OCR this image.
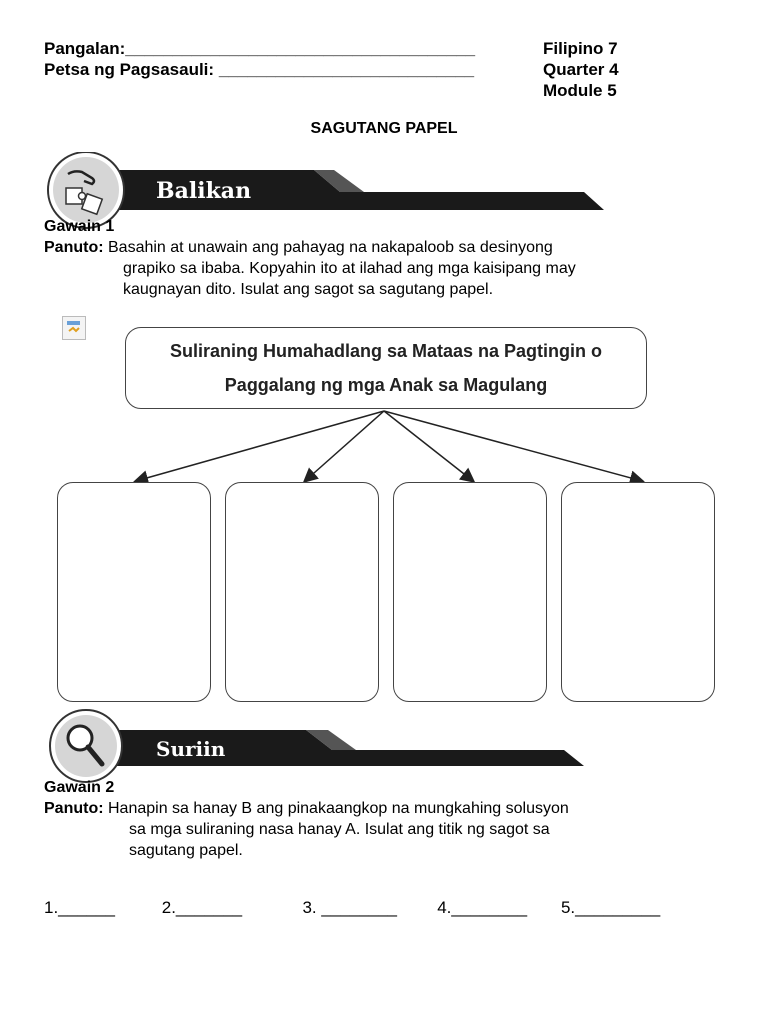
Pangalan:_____________________________________
Petsa ng Pagsasauli: ___________________________
Filipino 7
Quarter 4
Module 5
SAGUTANG PAPEL
Balikan
Gawain 1
Panuto: Basahin at unawain ang pahayag na nakapaloob sa desinyong
grapiko sa ibaba. Kopyahin ito at ilahad ang mga kaisipang may
kaugnayan dito. Isulat ang sagot sa sagutang papel.
Suliraning Humahadlang sa Mataas na Pagtingin o
Paggalang ng mga Anak sa Magulang
Suriin
Gawain 2
Panuto: Hanapin sa hanay B ang pinakaangkop na mungkahing solusyon
sa mga suliraning nasa hanay A. Isulat ang titik ng sagot sa
sagutang papel.
1.______	2._______	3. ________ 4.________ 5._________
